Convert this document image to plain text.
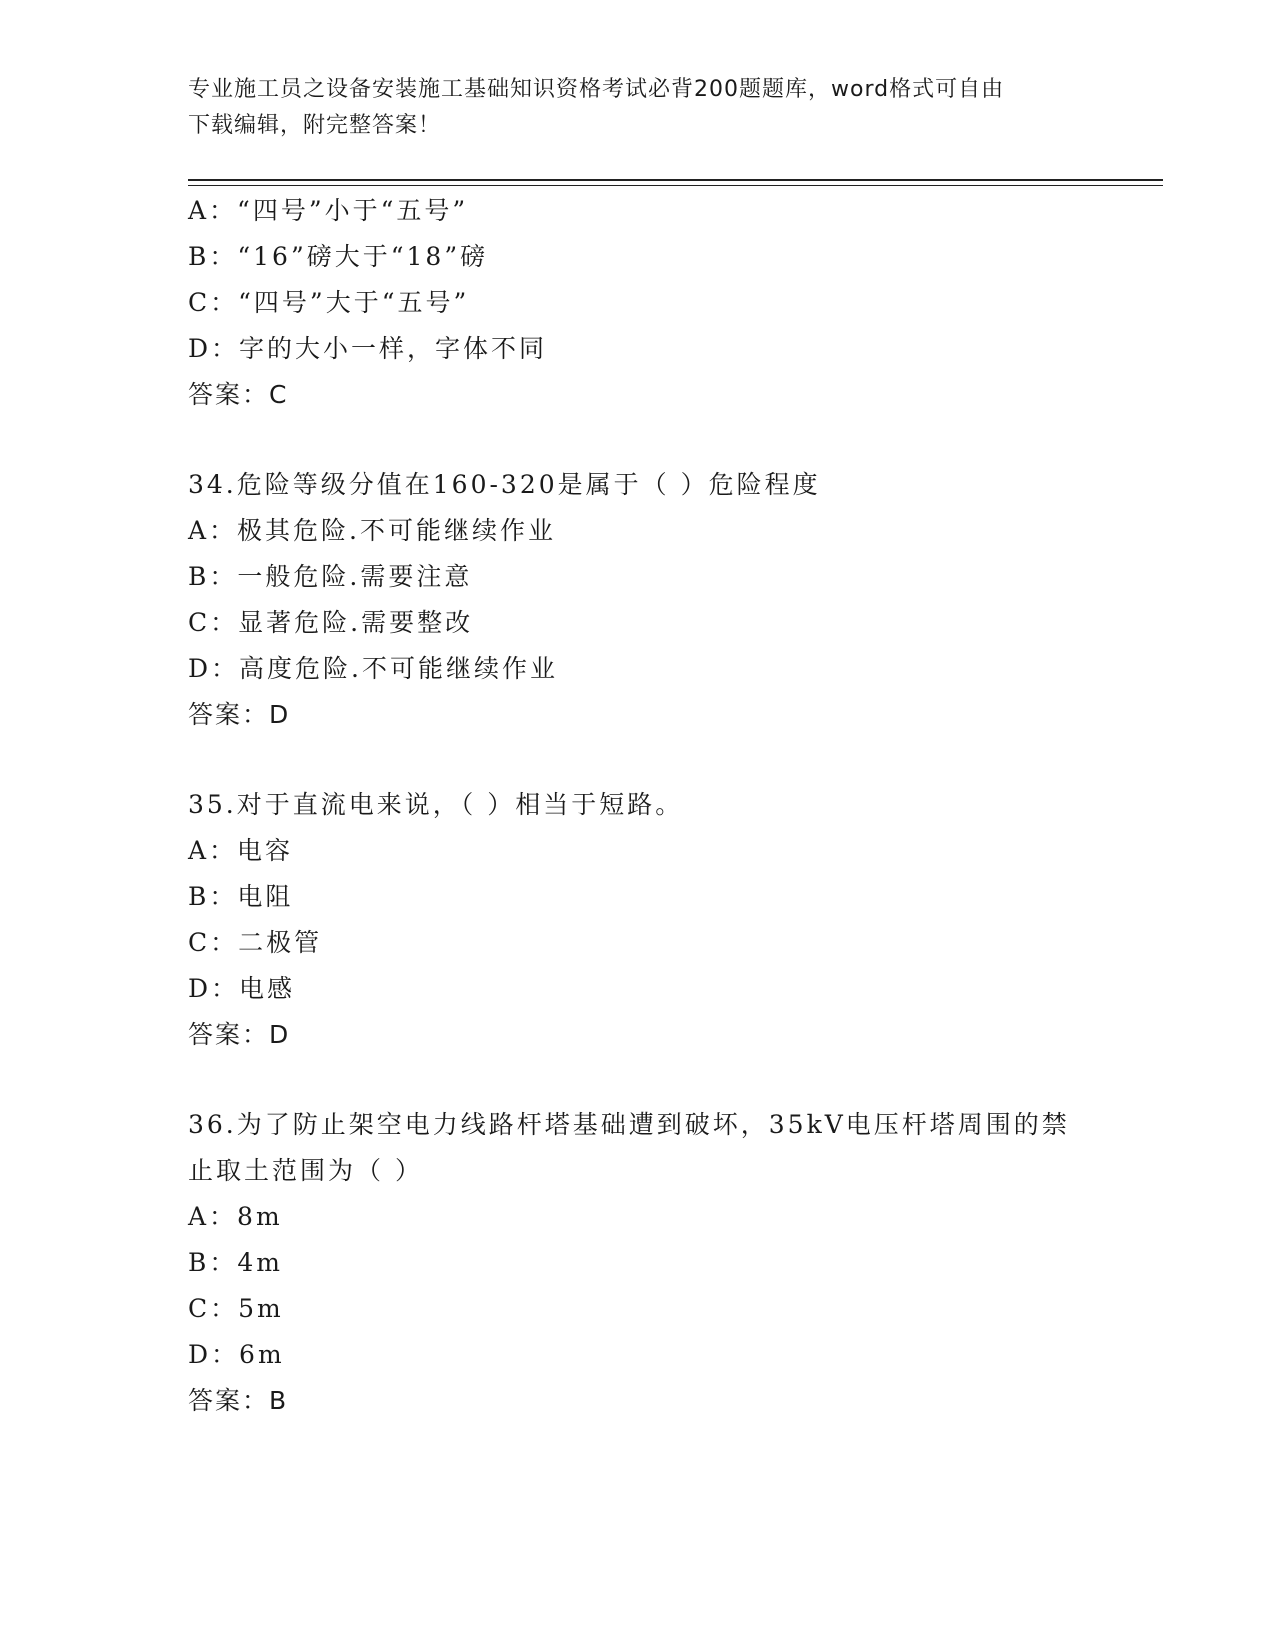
专业施工员之设备安装施工基础知识资格考试必背200题题库，word格式可自由
下载编辑，附完整答案！
A：“四号”小于“五号”
B：“16”磅大于“18”磅
C：“四号”大于“五号”
D：字的大小一样，字体不同
答案：C
34.危险等级分值在160-320是属于（ ）危险程度
A：极其危险.不可能继续作业
B：一般危险.需要注意
C：显著危险.需要整改
D：高度危险.不可能继续作业
答案：D
35.对于直流电来说，（ ）相当于短路。
A：电容
B：电阻
C：二极管
D：电感
答案：D
36.为了防止架空电力线路杆塔基础遭到破坏，35kV电压杆塔周围的禁止取土范围为（ ）
A：8m
B：4m
C：5m
D：6m
答案：B
